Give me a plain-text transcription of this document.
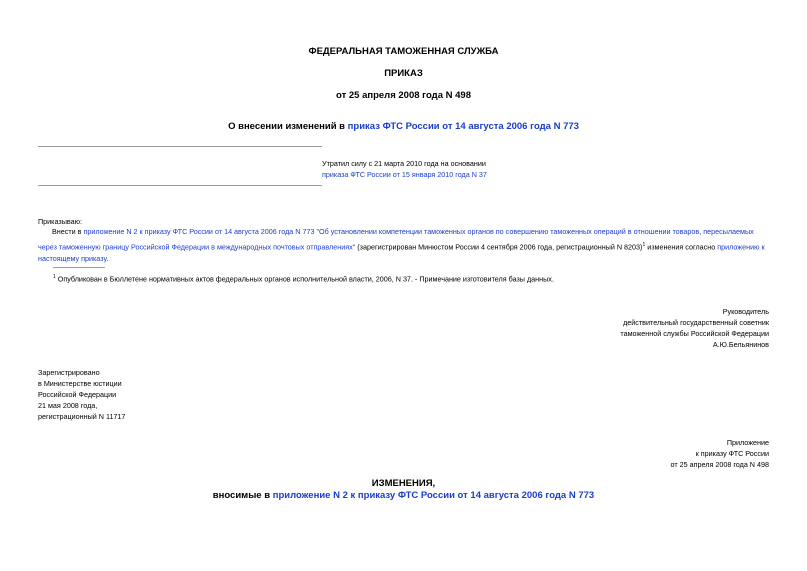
ФЕДЕРАЛЬНАЯ ТАМОЖЕННАЯ СЛУЖБА
ПРИКАЗ
от 25 апреля 2008 года N 498
О внесении изменений в приказ ФТС России от 14 августа 2006 года N 773
Утратил силу с 21 марта 2010 года на основании
приказа ФТС России от 15 января 2010 года N 37
Приказываю:
Внести в приложение N 2 к приказу ФТС России от 14 августа 2006 года N 773 "Об установлении компетенции таможенных органов по совершению таможенных операций в отношении товаров, пересылаемых через таможенную границу Российской Федерации в международных почтовых отправлениях" (зарегистрирован Минюстом России 4 сентября 2006 года, регистрационный N 8203)$^1$ изменения согласно приложению к настоящему приказу.
$^1$ Опубликован в Бюллетене нормативных актов федеральных органов исполнительной власти, 2006, N 37. - Примечание изготовителя базы данных.
Руководитель
действительный государственный советник
таможенной службы Российской Федерации
А.Ю.Бельянинов
Зарегистрировано
в Министерстве юстиции
Российской Федерации
21 мая 2008 года,
регистрационный N 11717
Приложение
к приказу ФТС России
от 25 апреля 2008 года N 498
ИЗМЕНЕНИЯ,
вносимые в приложение N 2 к приказу ФТС России от 14 августа 2006 года N 773
